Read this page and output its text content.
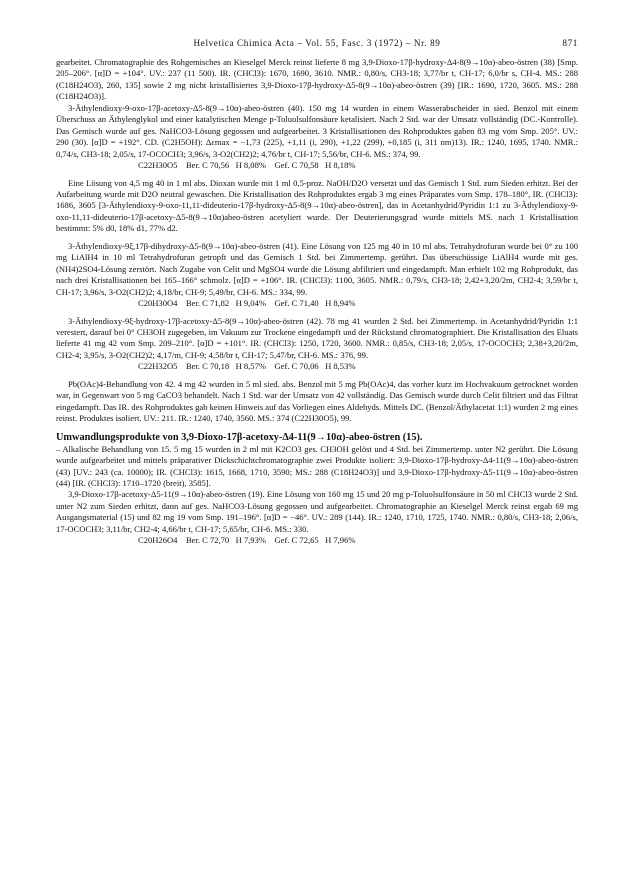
Helvetica Chimica Acta – Vol. 55, Fasc. 3 (1972) – Nr. 89	871

gearbeitet. Chromatographie des Rohgemisches an Kieselgel Merck reinst lieferte 8 mg 3,9-Dioxo-17β-hydroxy-Δ4-8(9→10α)-abeo-östren (38) [Smp. 205–206°. [α]D = +104°. UV.: 237 (11 500). IR. (CHCl3): 1670, 1690, 3610. NMR.: 0,80/s, CH3-18; 3,77/br t, CH-17; 6,0/br s, CH-4. MS.: 288 (C18H24O3), 260, 135] sowie 2 mg nicht kristallisiertes 3,9-Dioxo-17β-hydroxy-Δ5-8(9→10α)-abeo-östren (39) [IR.: 1690, 1720, 3605. MS.: 288 (C18H24O3)].

3-Äthylendioxy-9-oxo-17β-acetoxy-Δ5-8(9→10α)-abeo-östren (40). 150 mg 14 wurden in einem Wasserabscheider in sied. Benzol mit einem Überschuss an Äthylenglykol und einer katalytischen Menge p-Toluolsulfonsäure ketalisiert. Nach 2 Std. war der Umsatz vollständig (DC.-Kontrolle). Das Gemisch wurde auf ges. NaHCO3-Lösung gegossen und aufgearbeitet. 3 Kristallisationen des Rohproduktes gaben 83 mg vom Smp. 205°. UV.: 290 (30). [α]D = +192°. CD. (C2H5OH): Δεmax = −1,73 (225), +1,11 (i, 290), +1,22 (299), +0,185 (i, 311 nm)13). IR.: 1240, 1695, 1740. NMR.: 0,74/s, CH3-18; 2,05/s, 17-OCOCH3; 3,96/s, 3-O2(CH2)2; 4,76/br t, CH-17; 5,56/br, CH-6. MS.: 374, 99.

C22H30O5    Ber. C 70,56   H 8,08%    Gef. C 70,58   H 8,18%

Eine Lösung von 4,5 mg 40 in 1 ml abs. Dioxan wurde mit 1 ml 0,5-proz. NaOH/D2O versetzt und das Gemisch 1 Std. zum Sieden erhitzt. Bei der Aufarbeitung wurde mit D2O neutral gewaschen. Die Kristallisation des Rohproduktes ergab 3 mg eines Präparates vom Smp. 178–180°, IR. (CHCl3): 1686, 3605 [3-Äthylendioxy-9-oxo-11,11-dideuterio-17β-hydroxy-Δ5-8(9→10α)-abeo-östren], das in Acetanhydrid/Pyridin 1:1 zu 3-Äthylendioxy-9-oxo-11,11-dideuterio-17β-acetoxy-Δ5-8(9→10α)abeo-östren acetyliert wurde. Der Deuterierungsgrad wurde mittels MS. nach 1 Kristallisation bestimmt: 5% d0, 18% d1, 77% d2.

3-Äthylendioxy-9ξ,17β-dihydroxy-Δ5-8(9→10α)-abeo-östren (41). Eine Lösung von 125 mg 40 in 10 ml abs. Tetrahydrofuran wurde bei 0° zu 100 mg LiAlH4 in 10 ml Tetrahydrofuran getropft und das Gemisch 1 Std. bei Zimmertemp. gerührt. Das überschüssige LiAlH4 wurde mit ges. (NH4)2SO4-Lösung zerstört. Nach Zugabe von Celit und MgSO4 wurde die Lösung abfiltriert und eingedampft. Man erhielt 102 mg Rohprodukt, das nach drei Kristallisationen bei 165–166° schmolz. [α]D = +106°. IR. (CHCl3): 1100, 3605. NMR.: 0,79/s, CH3-18; 2,42+3,20/2m, CH2-4; 3,59/br t, CH-17; 3,96/s, 3-O2(CH2)2; 4,18/br, CH-9; 5,49/br, CH-6. MS.: 334, 99.

C20H30O4    Ber. C 71,82   H 9,04%    Gef. C 71,40   H 8,94%

3-Äthylendioxy-9ξ-hydroxy-17β-acetoxy-Δ5-8(9→10α)-abeo-östren (42). 78 mg 41 wurden 2 Std. bei Zimmertemp. in Acetanhydrid/Pyridin 1:1 verestert, darauf bei 0° CH3OH zugegeben, im Vakuum zur Trockene eingedampft und der Rückstand chromatographiert. Die Kristallisation des Eluats lieferte 41 mg 42 vom Smp. 209–210°. [α]D = +101°. IR. (CHCl3): 1250, 1720, 3600. NMR.: 0,85/s, CH3-18; 2,05/s, 17-OCOCH3; 2,38+3,20/2m, CH2-4; 3,95/s, 3-O2(CH2)2; 4,17/m, CH-9; 4,58/br t, CH-17; 5,47/br, CH-6. MS.: 376, 99.

C22H32O5    Ber. C 70,18   H 8,57%    Gef. C 70,06   H 8,53%

Pb(OAc)4-Behandlung von 42. 4 mg 42 wurden in 5 ml sied. abs. Benzol mit 5 mg Pb(OAc)4, das vorher kurz im Hochvakuum getrocknet worden war, in Gegenwart von 5 mg CaCO3 behandelt. Nach 1 Std. war der Umsatz von 42 vollständig. Das Gemisch wurde durch Celit filtriert und das Filtrat eingedampft. Das IR. des Rohproduktes gab keinen Hinweis auf das Vorliegen eines Aldehyds. Mittels DC. (Benzol/Äthylacetat 1:1) wurden 2 mg eines reinst. Produktes isoliert. UV.: 211. IR.: 1240, 1740, 3560. MS.: 374 (C22H30O5), 99.

Umwandlungsprodukte von 3,9-Dioxo-17β-acetoxy-Δ4-11(9→10α)-abeo-östren (15).

– Alkalische Behandlung von 15. 5 mg 15 wurden in 2 ml mit K2CO3 ges. CH3OH gelöst und 4 Std. bei Zimmertemp. unter N2 gerührt. Die Lösung wurde aufgearbeitet und mittels präparativer Dickschichtchromatographie zwei Produkte isoliert: 3,9-Dioxo-17β-hydroxy-Δ4-11(9→10α)-abeo-östren (43) [UV.: 243 (ca. 10000); IR. (CHCl3): 1615, 1668, 1710, 3590; MS.: 288 (C18H24O3)] und 3,9-Dioxo-17β-hydroxy-Δ5-11(9→10α)-abeo-östren (44) [IR. (CHCl3): 1710–1720 (breit), 3585].

3,9-Dioxo-17β-acetoxy-Δ5-11(9→10α)-abeo-östren (19). Eine Lösung von 160 mg 15 und 20 mg p-Toluolsulfonsäure in 50 ml CHCl3 wurde 2 Std. unter N2 zum Sieden erhitzt, dann auf ges. NaHCO3-Lösung gegossen und aufgearbeitet. Chromatographie an Kieselgel Merck reinst ergab 69 mg Ausgangsmaterial (15) und 82 mg 19 vom Smp. 191–196°. [α]D = −46°. UV.: 289 (144). IR.: 1240, 1710, 1725, 1740. NMR.: 0,80/s, CH3-18; 2,06/s, 17-OCOCH3; 3,11/br, CH2-4; 4,66/br t, CH-17; 5,65/br, CH-6. MS.: 330.

C20H26O4    Ber. C 72,70   H 7,93%    Gef. C 72,65   H 7,96%
